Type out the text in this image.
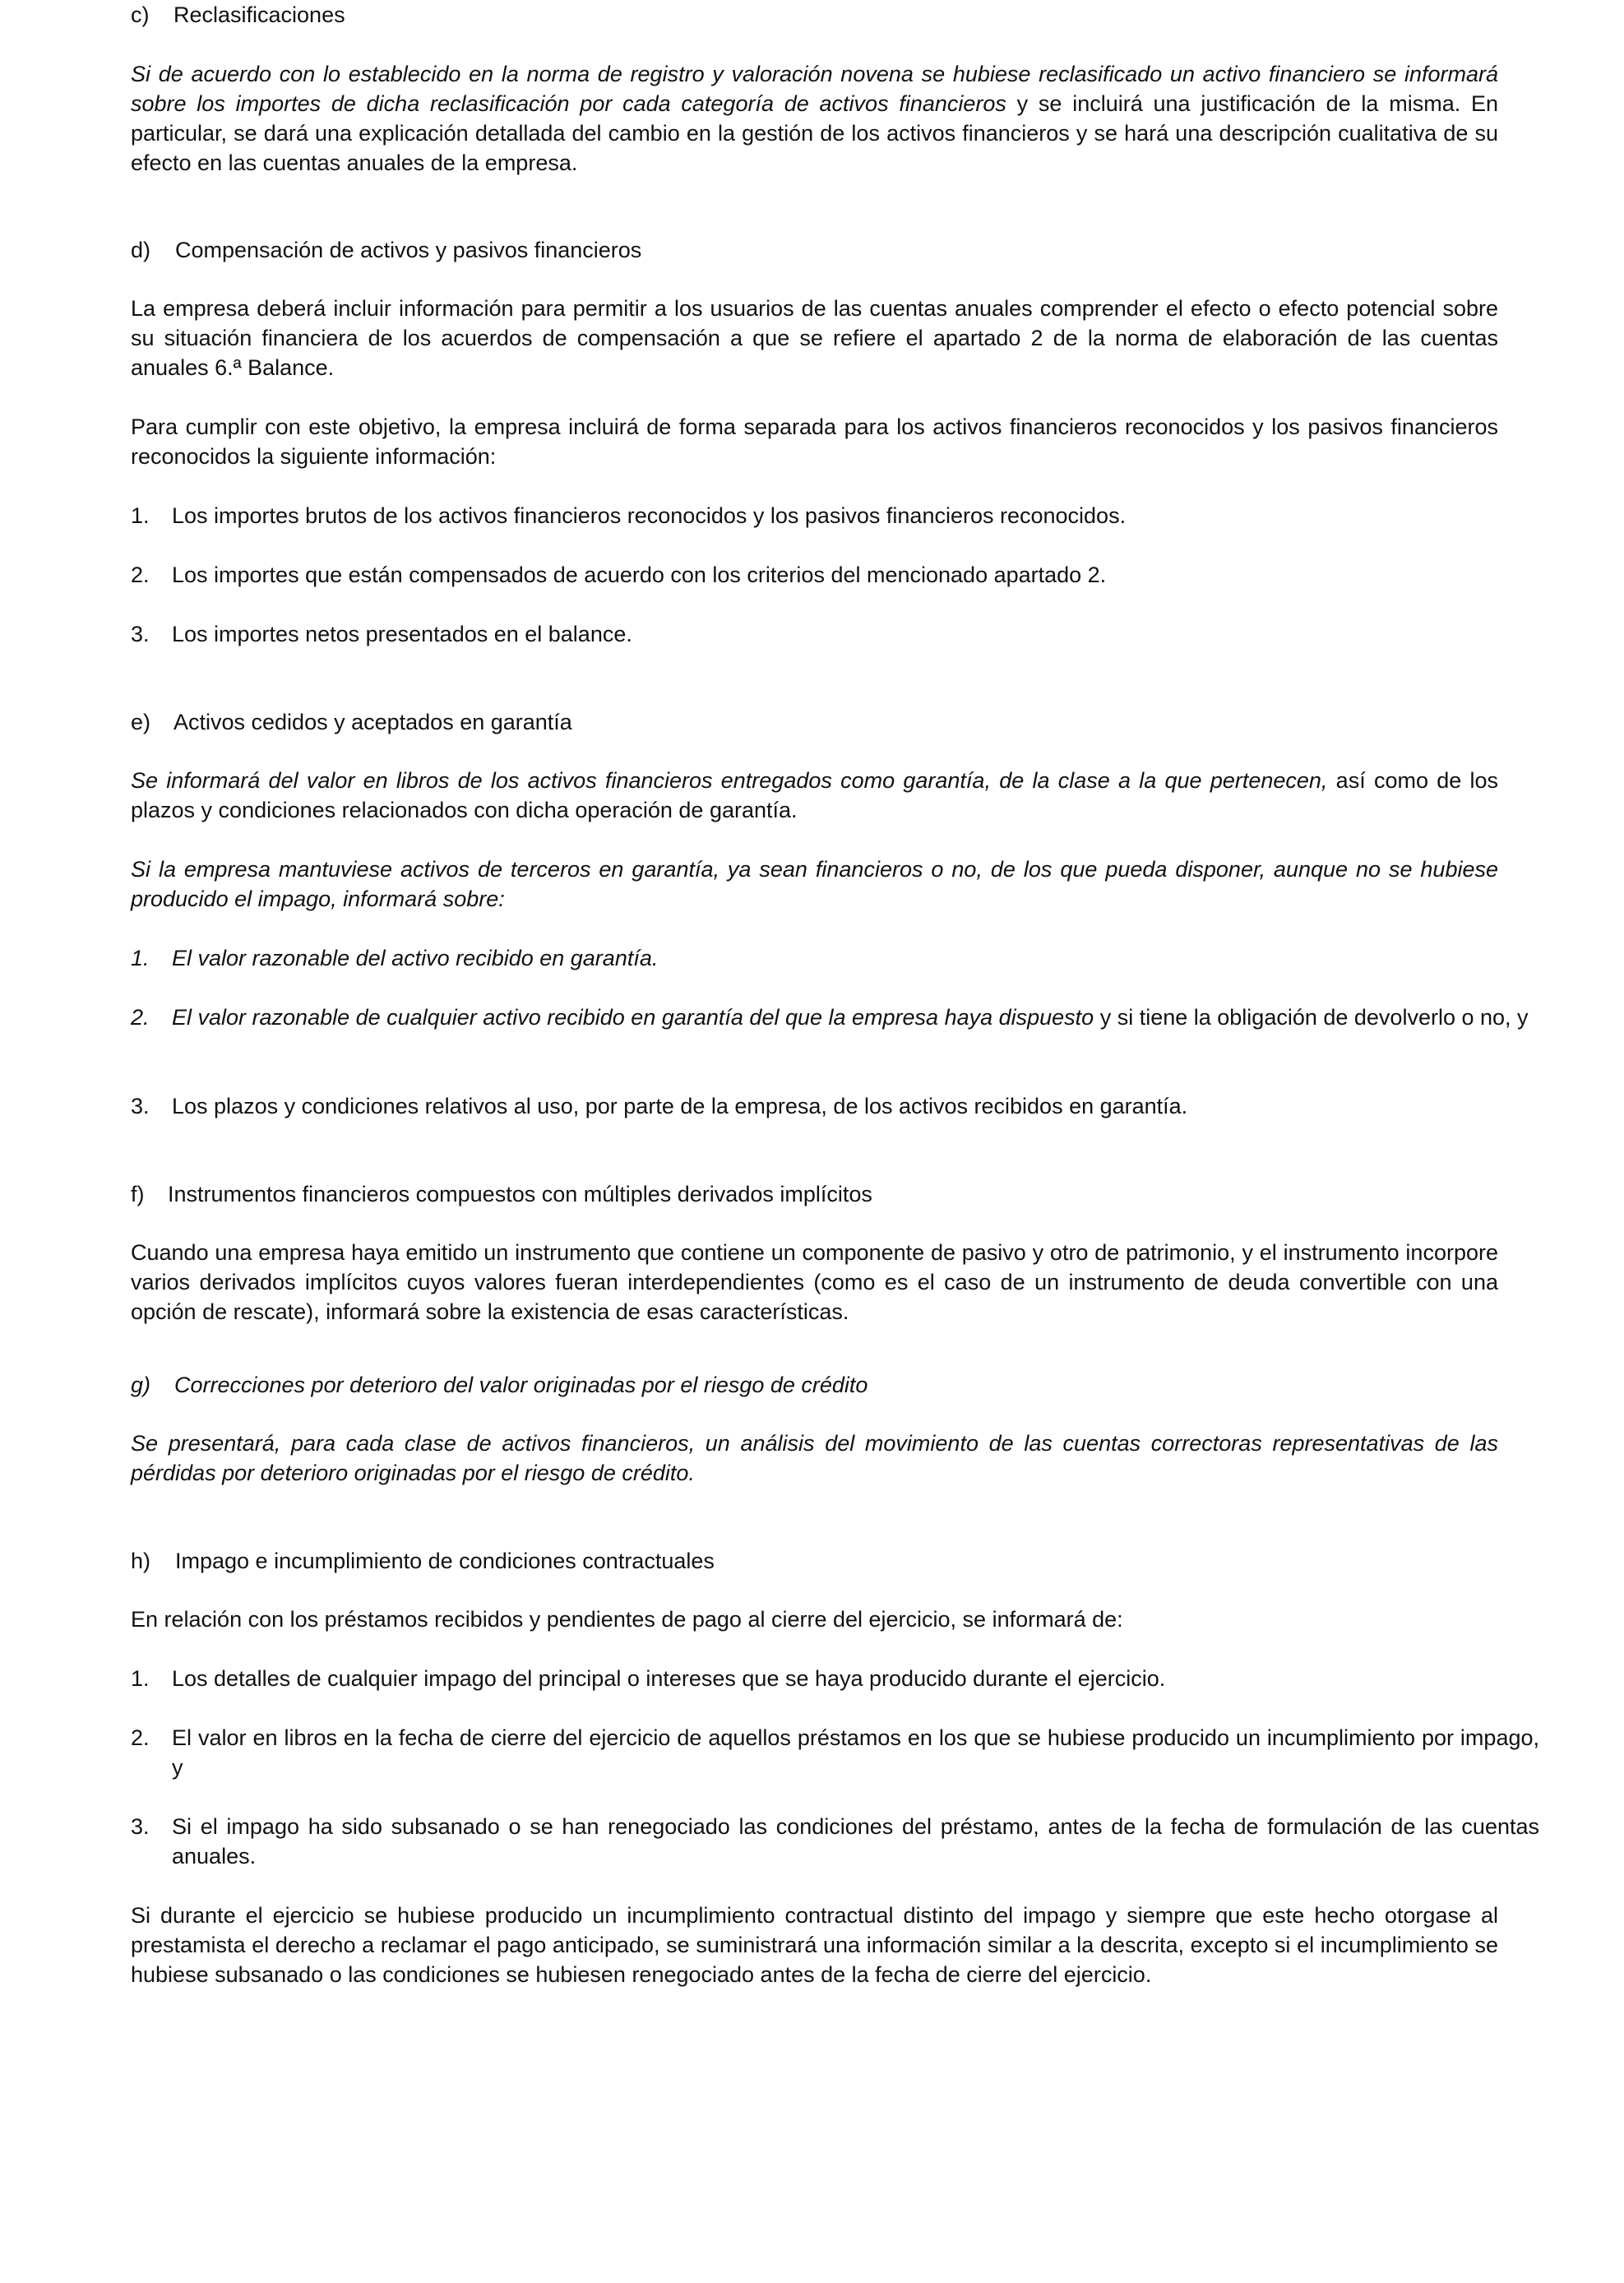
c) Reclasificaciones

Si de acuerdo con lo establecido en la norma de registro y valoración novena se hubiese reclasificado un activo financiero se informará sobre los importes de dicha reclasificación por cada categoría de activos financieros y se incluirá una justificación de la misma. En particular, se dará una explicación detallada del cambio en la gestión de los activos financieros y se hará una descripción cualitativa de su efecto en las cuentas anuales de la empresa.

d) Compensación de activos y pasivos financieros

La empresa deberá incluir información para permitir a los usuarios de las cuentas anuales comprender el efecto o efecto potencial sobre su situación financiera de los acuerdos de compensación a que se refiere el apartado 2 de la norma de elaboración de las cuentas anuales 6.ª Balance.

Para cumplir con este objetivo, la empresa incluirá de forma separada para los activos financieros reconocidos y los pasivos financieros reconocidos la siguiente información:

1. Los importes brutos de los activos financieros reconocidos y los pasivos financieros reconocidos.
2. Los importes que están compensados de acuerdo con los criterios del mencionado apartado 2.
3. Los importes netos presentados en el balance.
e) Activos cedidos y aceptados en garantía

Se informará del valor en libros de los activos financieros entregados como garantía, de la clase a la que pertenecen, así como de los plazos y condiciones relacionados con dicha operación de garantía.

Si la empresa mantuviese activos de terceros en garantía, ya sean financieros o no, de los que pueda disponer, aunque no se hubiese producido el impago, informará sobre:

1. El valor razonable del activo recibido en garantía.
2. El valor razonable de cualquier activo recibido en garantía del que la empresa haya dispuesto y si tiene la obligación de devolverlo o no, y
3. Los plazos y condiciones relativos al uso, por parte de la empresa, de los activos recibidos en garantía.
f) Instrumentos financieros compuestos con múltiples derivados implícitos

Cuando una empresa haya emitido un instrumento que contiene un componente de pasivo y otro de patrimonio, y el instrumento incorpore varios derivados implícitos cuyos valores fueran interdependientes (como es el caso de un instrumento de deuda convertible con una opción de rescate), informará sobre la existencia de esas características.

g) Correcciones por deterioro del valor originadas por el riesgo de crédito

Se presentará, para cada clase de activos financieros, un análisis del movimiento de las cuentas correctoras representativas de las pérdidas por deterioro originadas por el riesgo de crédito.

h) Impago e incumplimiento de condiciones contractuales

En relación con los préstamos recibidos y pendientes de pago al cierre del ejercicio, se informará de:

1. Los detalles de cualquier impago del principal o intereses que se haya producido durante el ejercicio.
2. El valor en libros en la fecha de cierre del ejercicio de aquellos préstamos en los que se hubiese producido un incumplimiento por impago, y
3. Si el impago ha sido subsanado o se han renegociado las condiciones del préstamo, antes de la fecha de formulación de las cuentas anuales.

Si durante el ejercicio se hubiese producido un incumplimiento contractual distinto del impago y siempre que este hecho otorgase al prestamista el derecho a reclamar el pago anticipado, se suministrará una información similar a la descrita, excepto si el incumplimiento se hubiese subsanado o las condiciones se hubiesen renegociado antes de la fecha de cierre del ejercicio.
